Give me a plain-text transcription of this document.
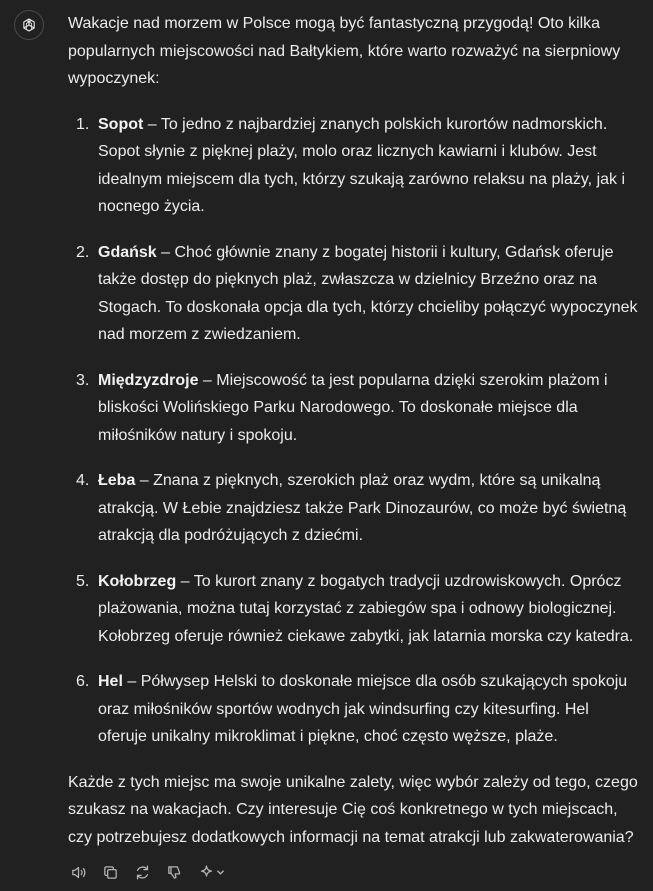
Wakacje nad morzem w Polsce mogą być fantastyczną przygodą! Oto kilka popularnych miejscowości nad Bałtykiem, które warto rozważyć na sierpniowy wypoczynek:

1. Sopot – To jedno z najbardziej znanych polskich kurortów nadmorskich. Sopot słynie z pięknej plaży, molo oraz licznych kawiarni i klubów. Jest idealnym miejscem dla tych, którzy szukają zarówno relaksu na plaży, jak i nocnego życia.
2. Gdańsk – Choć głównie znany z bogatej historii i kultury, Gdańsk oferuje także dostęp do pięknych plaż, zwłaszcza w dzielnicy Brzeźno oraz na Stogach. To doskonała opcja dla tych, którzy chcieliby połączyć wypoczynek nad morzem z zwiedzaniem.
3. Międzyzdroje – Miejscowość ta jest popularna dzięki szerokim plażom i bliskości Wolińskiego Parku Narodowego. To doskonałe miejsce dla miłośników natury i spokoju.
4. Łeba – Znana z pięknych, szerokich plaż oraz wydm, które są unikalną atrakcją. W Łebie znajdziesz także Park Dinozaurów, co może być świetną atrakcją dla podróżujących z dziećmi.
5. Kołobrzeg – To kurort znany z bogatych tradycji uzdrowiskowych. Oprócz plażowania, można tutaj korzystać z zabiegów spa i odnowy biologicznej. Kołobrzeg oferuje również ciekawe zabytki, jak latarnia morska czy katedra.
6. Hel – Półwysep Helski to doskonałe miejsce dla osób szukających spokoju oraz miłośników sportów wodnych jak windsurfing czy kitesurfing. Hel oferuje unikalny mikroklimat i piękne, choć często węższe, plaże.

Każde z tych miejsc ma swoje unikalne zalety, więc wybór zależy od tego, czego szukasz na wakacjach. Czy interesuje Cię coś konkretnego w tych miejscach, czy potrzebujesz dodatkowych informacji na temat atrakcji lub zakwaterowania?
